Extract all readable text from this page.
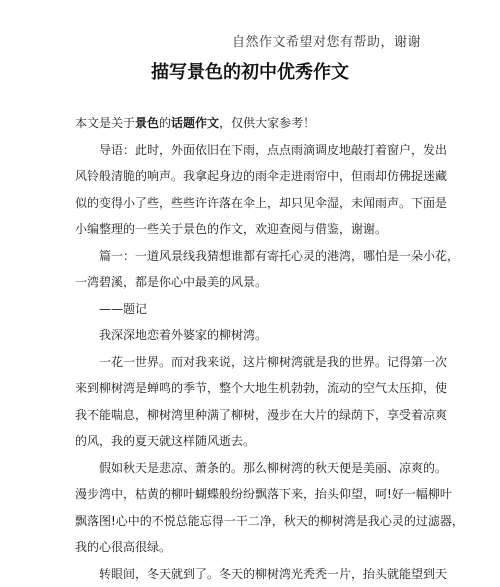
自然作文希望对您有帮助，谢谢
描写景色的初中优秀作文
本文是关于景色的话题作文，仅供大家参考！
导语：此时，外面依旧在下雨，点点雨滴调皮地敲打着窗户，发出
风铃般清脆的响声。我拿起身边的雨伞走进雨帘中，但雨却仿佛捉迷藏
似的变得小了些，些些许许落在伞上，却只见伞湿，未闻雨声。下面是
小编整理的一些关于景色的作文，欢迎查阅与借鉴，谢谢。
篇一：一道风景线我猜想谁都有寄托心灵的港湾，哪怕是一朵小花，
一湾碧溪，都是你心中最美的风景。
——题记
我深深地恋着外婆家的柳树湾。
一花一世界。而对我来说，这片柳树湾就是我的世界。记得第一次
来到柳树湾是蝉鸣的季节，整个大地生机勃勃，流动的空气太压抑，使
我不能喘息，柳树湾里种满了柳树，漫步在大片的绿荫下，享受着凉爽
的风，我的夏天就这样随风逝去。
假如秋天是悲凉、萧条的。那么柳树湾的秋天便是美丽、凉爽的。
漫步湾中，枯黄的柳叶蝴蝶般纷纷飘落下来，抬头仰望，呵!好一幅柳叶
飘落图!心中的不悦总能忘得一干二净，秋天的柳树湾是我心灵的过滤器，
我的心很高很绿。
转眼间，冬天就到了。冬天的柳树湾光秃秃一片，抬头就能望到天
